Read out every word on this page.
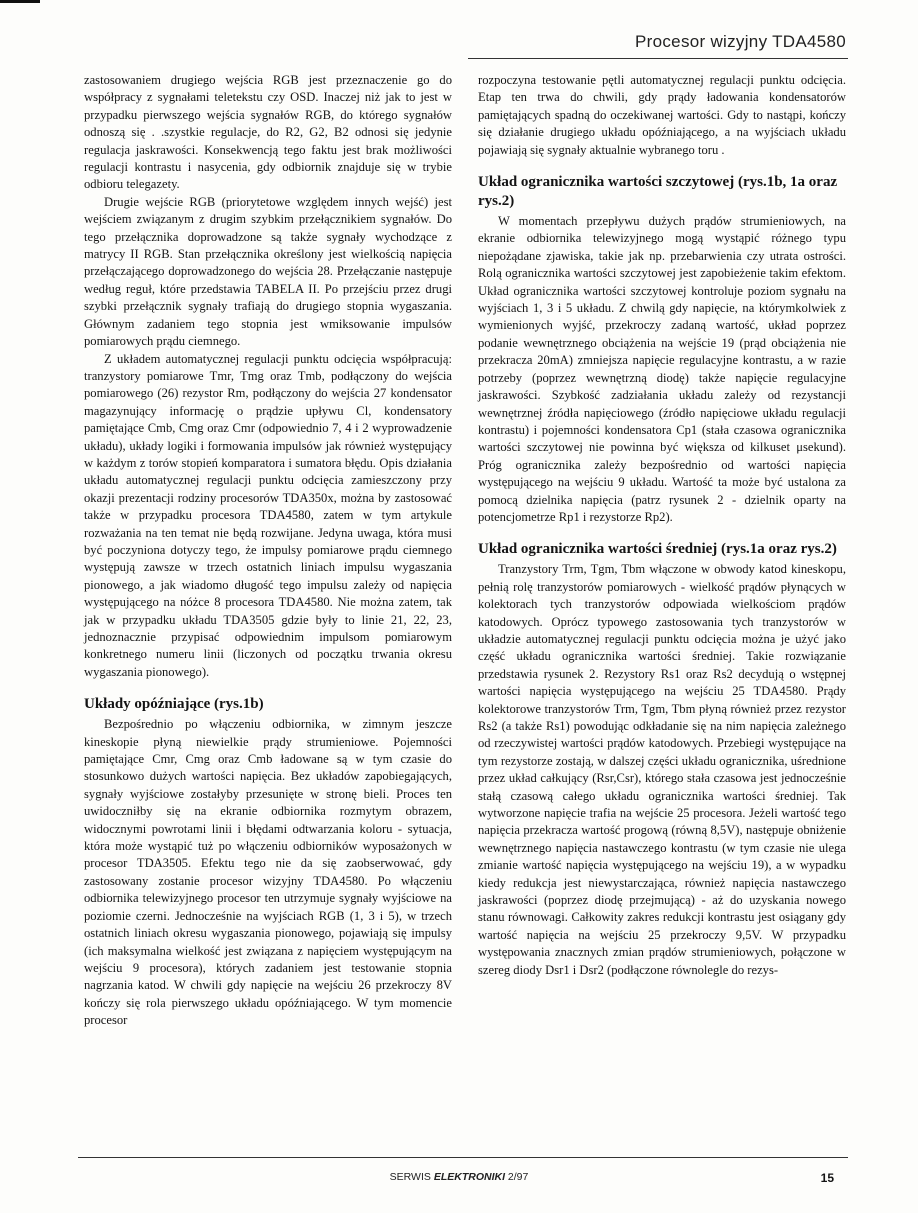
Procesor wizyjny TDA4580

zastosowaniem drugiego wejścia RGB jest przeznaczenie go do współpracy z sygnałami teletekstu czy OSD. Inaczej niż jak to jest w przypadku pierwszego wejścia sygnałów RGB, do którego sygnałów odnoszą się . .szystkie regulacje, do R2, G2, B2 odnosi się jedynie regulacja jaskrawości. Konsekwencją tego faktu jest brak możliwości regulacji kontrastu i nasycenia, gdy odbiornik znajduje się w trybie odbioru telegazety.

Drugie wejście RGB (priorytetowe względem innych wejść) jest wejściem związanym z drugim szybkim przełącznikiem sygnałów. Do tego przełącznika doprowadzone są także sygnały wychodzące z matrycy II RGB. Stan przełącznika określony jest wielkością napięcia przełączającego doprowadzonego do wejścia 28. Przełączanie następuje według reguł, które przedstawia TABELA II. Po przejściu przez drugi szybki przełącznik sygnały trafiają do drugiego stopnia wygaszania. Głównym zadaniem tego stopnia jest wmiksowanie impulsów pomiarowych prądu ciemnego.

Z układem automatycznej regulacji punktu odcięcia współpracują: tranzystory pomiarowe Tmr, Tmg oraz Tmb, podłączony do wejścia pomiarowego (26) rezystor Rm, podłączony do wejścia 27 kondensator magazynujący informację o prądzie upływu Cl, kondensatory pamiętające Cmb, Cmg oraz Cmr (odpowiednio 7, 4 i 2 wyprowadzenie układu), układy logiki i formowania impulsów jak również występujący w każdym z torów stopień komparatora i sumatora błędu. Opis działania układu automatycznej regulacji punktu odcięcia zamieszczony przy okazji prezentacji rodziny procesorów TDA350x, można by zastosować także w przypadku procesora TDA4580, zatem w tym artykule rozważania na ten temat nie będą rozwijane. Jedyna uwaga, która musi być poczyniona dotyczy tego, że impulsy pomiarowe prądu ciemnego występują zawsze w trzech ostatnich liniach impulsu wygaszania pionowego, a jak wiadomo długość tego impulsu zależy od napięcia występującego na nóżce 8 procesora TDA4580. Nie można zatem, tak jak w przypadku układu TDA3505 gdzie były to linie 21, 22, 23, jednoznacznie przypisać odpowiednim impulsom pomiarowym konkretnego numeru linii (liczonych od początku trwania okresu wygaszania pionowego).

Układy opóźniające (rys.1b)

Bezpośrednio po włączeniu odbiornika, w zimnym jeszcze kineskopie płyną niewielkie prądy strumieniowe. Pojemności pamiętające Cmr, Cmg oraz Cmb ładowane są w tym czasie do stosunkowo dużych wartości napięcia. Bez układów zapobiegających, sygnały wyjściowe zostałyby przesunięte w stronę bieli. Proces ten uwidoczniłby się na ekranie odbiornika rozmytym obrazem, widocznymi powrotami linii i błędami odtwarzania koloru - sytuacja, która może wystąpić tuż po włączeniu odbiorników wyposażonych w procesor TDA3505. Efektu tego nie da się zaobserwować, gdy zastosowany zostanie procesor wizyjny TDA4580. Po włączeniu odbiornika telewizyjnego procesor ten utrzymuje sygnały wyjściowe na poziomie czerni. Jednocześnie na wyjściach RGB (1, 3 i 5), w trzech ostatnich liniach okresu wygaszania pionowego, pojawiają się impulsy (ich maksymalna wielkość jest związana z napięciem występującym na wejściu 9 procesora), których zadaniem jest testowanie stopnia nagrzania katod. W chwili gdy napięcie na wejściu 26 przekroczy 8V kończy się rola pierwszego układu opóźniającego. W tym momencie procesor

rozpoczyna testowanie pętli automatycznej regulacji punktu odcięcia. Etap ten trwa do chwili, gdy prądy ładowania kondensatorów pamiętających spadną do oczekiwanej wartości. Gdy to nastąpi, kończy się działanie drugiego układu opóźniającego, a na wyjściach układu pojawiają się sygnały aktualnie wybranego toru .

Układ ogranicznika wartości szczytowej (rys.1b, 1a oraz rys.2)

W momentach przepływu dużych prądów strumieniowych, na ekranie odbiornika telewizyjnego mogą wystąpić różnego typu niepożądane zjawiska, takie jak np. przebarwienia czy utrata ostrości. Rolą ogranicznika wartości szczytowej jest zapobieżenie takim efektom. Układ ogranicznika wartości szczytowej kontroluje poziom sygnału na wyjściach 1, 3 i 5 układu. Z chwilą gdy napięcie, na którymkolwiek z wymienionych wyjść, przekroczy zadaną wartość, układ poprzez podanie wewnętrznego obciążenia na wejście 19 (prąd obciążenia nie przekracza 20mA) zmniejsza napięcie regulacyjne kontrastu, a w razie potrzeby (poprzez wewnętrzną diodę) także napięcie regulacyjne jaskrawości. Szybkość zadziałania układu zależy od rezystancji wewnętrznej źródła napięciowego (źródło napięciowe układu regulacji kontrastu) i pojemności kondensatora Cp1 (stała czasowa ogranicznika wartości szczytowej nie powinna być większa od kilkuset μsekund). Próg ogranicznika zależy bezpośrednio od wartości napięcia występującego na wejściu 9 układu. Wartość ta może być ustalona za pomocą dzielnika napięcia (patrz rysunek 2 - dzielnik oparty na potencjometrze Rp1 i rezystorze Rp2).

Układ ogranicznika wartości średniej (rys.1a oraz rys.2)

Tranzystory Trm, Tgm, Tbm włączone w obwody katod kineskopu, pełnią rolę tranzystorów pomiarowych - wielkość prądów płynących w kolektorach tych tranzystorów odpowiada wielkościom prądów katodowych. Oprócz typowego zastosowania tych tranzystorów w układzie automatycznej regulacji punktu odcięcia można je użyć jako część układu ogranicznika wartości średniej. Takie rozwiązanie przedstawia rysunek 2. Rezystory Rs1 oraz Rs2 decydują o wstępnej wartości napięcia występującego na wejściu 25 TDA4580. Prądy kolektorowe tranzystorów Trm, Tgm, Tbm płyną również przez rezystor Rs2 (a także Rs1) powodując odkładanie się na nim napięcia zależnego od rzeczywistej wartości prądów katodowych. Przebiegi występujące na tym rezystorze zostają, w dalszej części układu ogranicznika, uśrednione przez układ całkujący (Rsr,Csr), którego stała czasowa jest jednocześnie stałą czasową całego układu ogranicznika wartości średniej. Tak wytworzone napięcie trafia na wejście 25 procesora. Jeżeli wartość tego napięcia przekracza wartość progową (równą 8,5V), następuje obniżenie wewnętrznego napięcia nastawczego kontrastu (w tym czasie nie ulega zmianie wartość napięcia występującego na wejściu 19), a w wypadku kiedy redukcja jest niewystarczająca, również napięcia nastawczego jaskrawości (poprzez diodę przejmującą) - aż do uzyskania nowego stanu równowagi. Całkowity zakres redukcji kontrastu jest osiągany gdy wartość napięcia na wejściu 25 przekroczy 9,5V. W przypadku występowania znacznych zmian prądów strumieniowych, połączone w szereg diody Dsr1 i Dsr2 (podłączone równolegle do rezys-

SERWIS ELEKTRONIKI 2/97	15
